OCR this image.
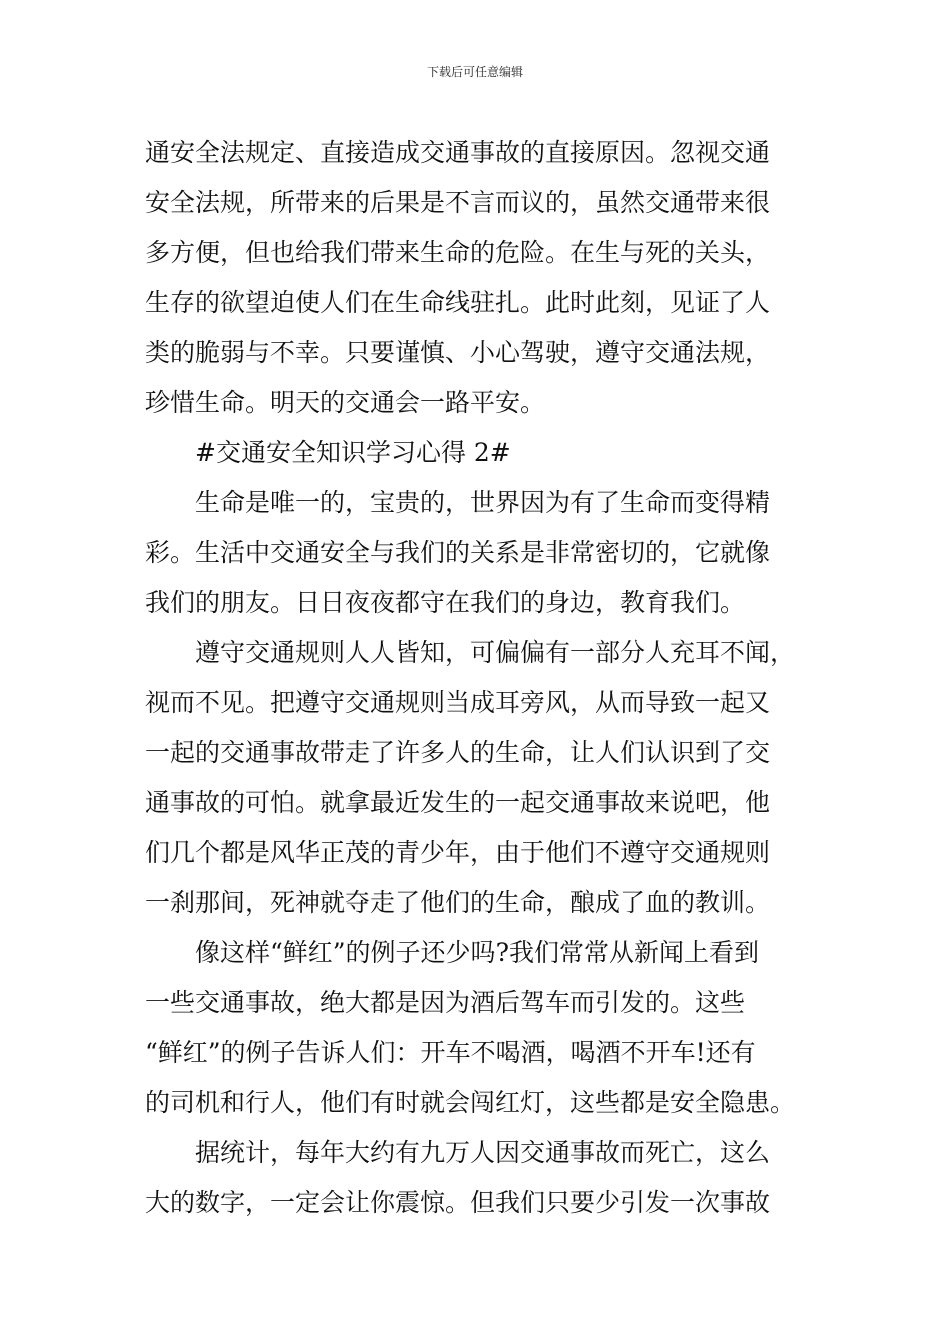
下载后可任意编辑
通安全法规定、直接造成交通事故的直接原因。忽视交通
安全法规，所带来的后果是不言而议的，虽然交通带来很
多方便，但也给我们带来生命的危险。在生与死的关头，
生存的欲望迫使人们在生命线驻扎。此时此刻，见证了人
类的脆弱与不幸。只要谨慎、小心驾驶，遵守交通法规，
珍惜生命。明天的交通会一路平安。
#交通安全知识学习心得 2#
生命是唯一的，宝贵的，世界因为有了生命而变得精
彩。生活中交通安全与我们的关系是非常密切的，它就像
我们的朋友。日日夜夜都守在我们的身边，教育我们。
遵守交通规则人人皆知，可偏偏有一部分人充耳不闻，
视而不见。把遵守交通规则当成耳旁风，从而导致一起又
一起的交通事故带走了许多人的生命，让人们认识到了交
通事故的可怕。就拿最近发生的一起交通事故来说吧，他
们几个都是风华正茂的青少年，由于他们不遵守交通规则
一刹那间，死神就夺走了他们的生命，酿成了血的教训。
像这样“鲜红”的例子还少吗?我们常常从新闻上看到
一些交通事故，绝大都是因为酒后驾车而引发的。这些
“鲜红”的例子告诉人们：开车不喝酒，喝酒不开车!还有
的司机和行人，他们有时就会闯红灯，这些都是安全隐患。
据统计，每年大约有九万人因交通事故而死亡，这么
大的数字，一定会让你震惊。但我们只要少引发一次事故
